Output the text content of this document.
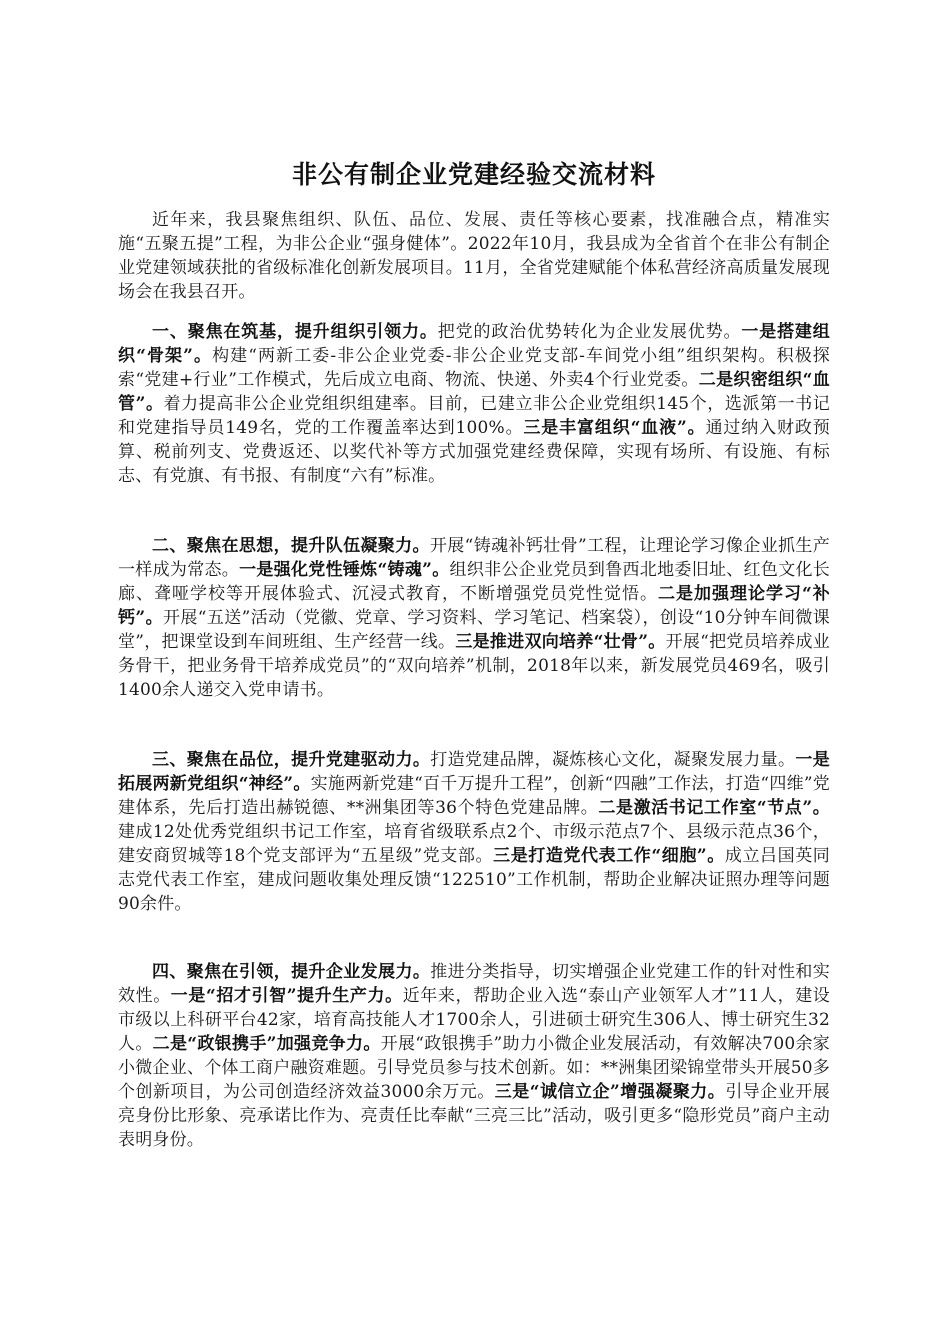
非公有制企业党建经验交流材料

近年来，我县聚焦组织、队伍、品位、发展、责任等核心要素，找准融合点，精准实施“五聚五提”工程，为非公企业“强身健体”。2022年10月，我县成为全省首个在非公有制企业党建领域获批的省级标准化创新发展项目。11月，全省党建赋能个体私营经济高质量发展现场会在我县召开。

一、聚焦在筑基，提升组织引领力。把党的政治优势转化为企业发展优势。一是搭建组织“骨架”。构建“两新工委-非公企业党委-非公企业党支部-车间党小组”组织架构。积极探索“党建+行业”工作模式，先后成立电商、物流、快递、外卖4个行业党委。二是织密组织“血管”。着力提高非公企业党组织组建率。目前，已建立非公企业党组织145个，选派第一书记和党建指导员149名，党的工作覆盖率达到100%。三是丰富组织“血液”。通过纳入财政预算、税前列支、党费返还、以奖代补等方式加强党建经费保障，实现有场所、有设施、有标志、有党旗、有书报、有制度“六有”标准。

二、聚焦在思想，提升队伍凝聚力。开展“铸魂补钙壮骨”工程，让理论学习像企业抓生产一样成为常态。一是强化党性锤炼“铸魂”。组织非公企业党员到鲁西北地委旧址、红色文化长廊、聋哑学校等开展体验式、沉浸式教育，不断增强党员党性觉悟。二是加强理论学习“补钙”。开展“五送”活动（党徽、党章、学习资料、学习笔记、档案袋），创设“10分钟车间微课堂”，把课堂设到车间班组、生产经营一线。三是推进双向培养“壮骨”。开展“把党员培养成业务骨干，把业务骨干培养成党员”的“双向培养”机制，2018年以来，新发展党员469名，吸引1400余人递交入党申请书。

三、聚焦在品位，提升党建驱动力。打造党建品牌，凝炼核心文化，凝聚发展力量。一是拓展两新党组织“神经”。实施两新党建“百千万提升工程”，创新“四融”工作法，打造“四维”党建体系，先后打造出赫锐德、**洲集团等36个特色党建品牌。二是激活书记工作室“节点”。建成12处优秀党组织书记工作室，培育省级联系点2个、市级示范点7个、县级示范点36个，建安商贸城等18个党支部评为“五星级”党支部。三是打造党代表工作“细胞”。成立吕国英同志党代表工作室，建成问题收集处理反馈“122510”工作机制，帮助企业解决证照办理等问题90余件。

四、聚焦在引领，提升企业发展力。推进分类指导，切实增强企业党建工作的针对性和实效性。一是“招才引智”提升生产力。近年来，帮助企业入选“泰山产业领军人才”11人，建设市级以上科研平台42家，培育高技能人才1700余人，引进硕士研究生306人、博士研究生32人。二是“政银携手”加强竞争力。开展“政银携手”助力小微企业发展活动，有效解决700余家小微企业、个体工商户融资难题。引导党员参与技术创新。如：**洲集团梁锦堂带头开展50多个创新项目，为公司创造经济效益3000余万元。三是“诚信立企”增强凝聚力。引导企业开展亮身份比形象、亮承诺比作为、亮责任比奉献“三亮三比”活动，吸引更多“隐形党员”商户主动表明身份。
